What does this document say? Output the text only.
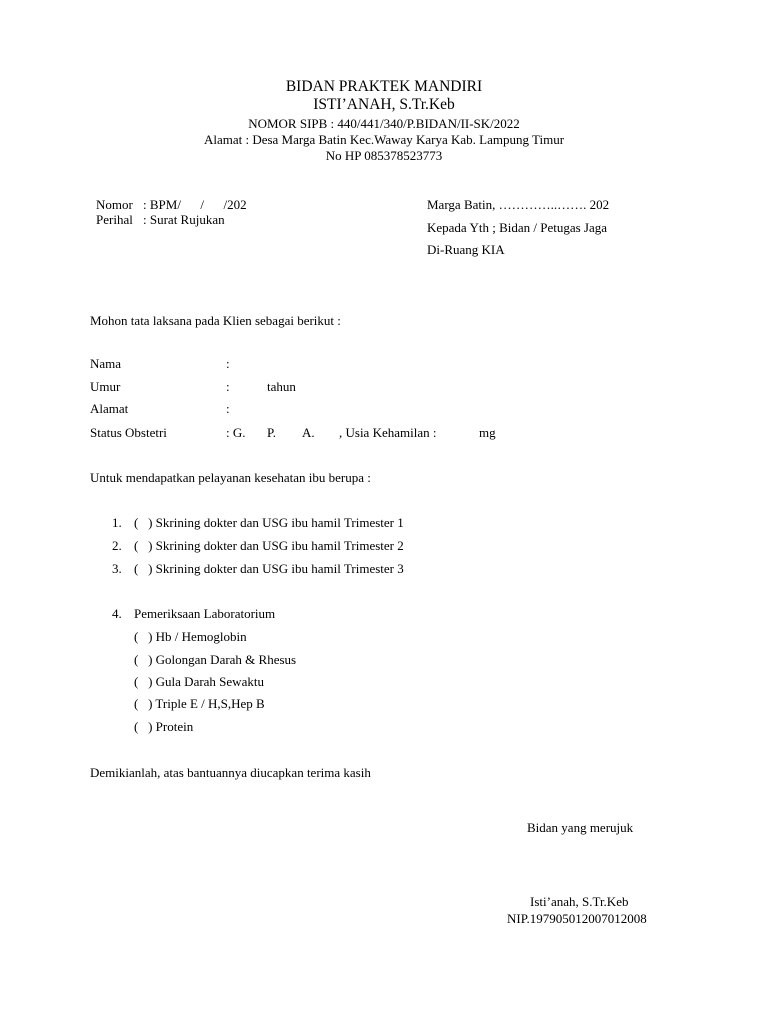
BIDAN PRAKTEK MANDIRI
ISTI’ANAH, S.Tr.Keb
NOMOR SIPB : 440/441/340/P.BIDAN/II-SK/2022
Alamat : Desa Marga Batin Kec.Waway Karya Kab. Lampung Timur
No HP 085378523773
Nomor : BPM/      /      /202
Perihal : Surat Rujukan
Marga Batin, …………..……. 202
Kepada Yth ; Bidan / Petugas Jaga
Di-Ruang KIA
Mohon tata laksana pada Klien sebagai berikut :
Nama	:
Umur	:	tahun
Alamat	:
Status Obstetri	: G. P. A. , Usia Kehamilan :	mg
Untuk mendapatkan pelayanan kesehatan ibu berupa :
1. (   ) Skrining dokter dan USG ibu hamil Trimester 1
2. (   ) Skrining dokter dan USG ibu hamil Trimester 2
3. (   ) Skrining dokter dan USG ibu hamil Trimester 3
4. Pemeriksaan Laboratorium
(   ) Hb / Hemoglobin
(   ) Golongan Darah & Rhesus
(   ) Gula Darah Sewaktu
(   ) Triple E / H,S,Hep B
(   ) Protein
Demikianlah, atas bantuannya diucapkan terima kasih
Bidan yang merujuk
Isti’anah, S.Tr.Keb
NIP.197905012007012008
